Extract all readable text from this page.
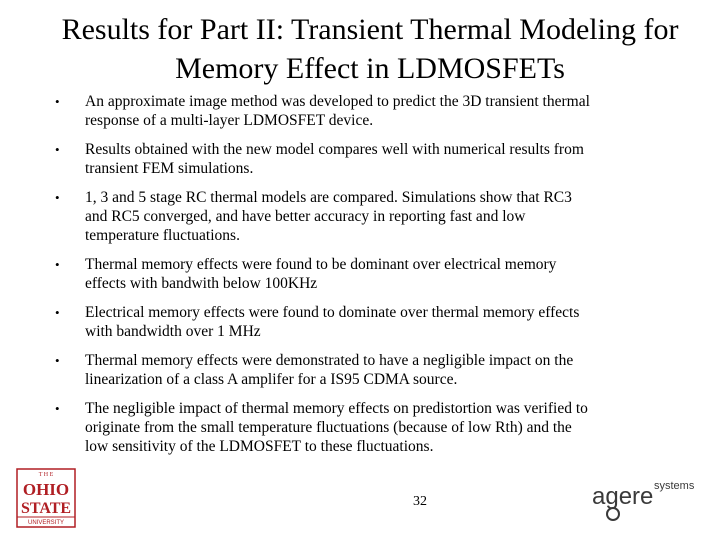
Results for Part II: Transient Thermal Modeling for
Memory Effect in LDMOSFETs
• An approximate image method was developed to predict the 3D transient thermal
response of a multi-layer LDMOSFET device.
• Results obtained with the new model compares well with numerical results from
transient FEM simulations.
• 1, 3 and 5 stage RC thermal models are compared. Simulations show that RC3
and RC5 converged, and have better accuracy in reporting fast and low
temperature fluctuations.
• Thermal memory effects were found to be dominant over electrical memory
effects with bandwith below 100KHz
• Electrical memory effects were found to dominate over thermal memory effects
with bandwidth over 1 MHz
• Thermal memory effects were demonstrated to have a negligible impact on the
linearization of a class A amplifer for a IS95 CDMA source.
• The negligible impact of thermal memory effects on predistortion was verified to
originate from the small temperature fluctuations (because of low Rth) and the
low sensitivity of the LDMOSFET to these fluctuations.
32
T H E
OHIO
STATE
UNIVERSITY
agere systems
